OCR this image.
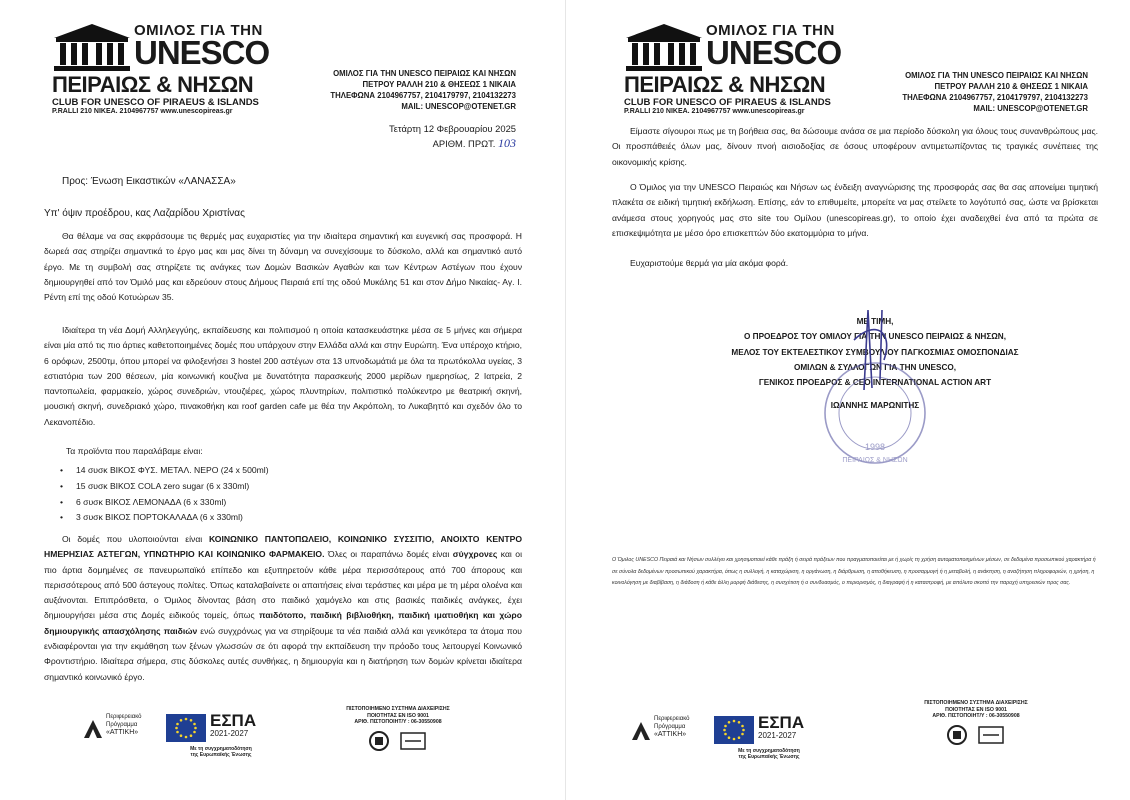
ΟΜΙΛΟΣ ΓΙΑ ΤΗΝ
UNESCO
ΠΕΙΡΑΙΩΣ & ΝΗΣΩΝ
CLUB FOR UNESCO OF PIRAEUS & ISLANDS
P.RALLI 210 NIKEA. 2104967757 www.unescopireas.gr
ΟΜΙΛΟΣ ΓΙΑ ΤΗΝ UNESCO ΠΕΙΡΑΙΩΣ ΚΑΙ ΝΗΣΩΝ
ΠΕΤΡΟΥ ΡΑΛΛΗ 210 & ΘΗΣΕΩΣ 1 ΝΙΚΑΙΑ
ΤΗΛΕΦΩΝΑ 2104967757, 2104179797, 2104132273
MAIL: UNESCOP@OTENET.GR
Τετάρτη 12 Φεβρουαρίου 2025
ΑΡΙΘΜ. ΠΡΩΤ. 103
Προς: Ένωση Εικαστικών «ΛΑΝΑΣΣΑ»
Υπ' όψιν προέδρου, κας Λαζαρίδου Χριστίνας

Θα θέλαμε να σας εκφράσουμε τις θερμές μας ευχαριστίες για την ιδιαίτερα σημαντική και ευγενική σας προσφορά. Η δωρεά σας στηρίζει σημαντικά το έργο μας και μας δίνει τη δύναμη να συνεχίσουμε το δύσκολο, αλλά και σημαντικό αυτό έργο. Με τη συμβολή σας στηρίζετε τις ανάγκες των Δομών Βασικών Αγαθών και των Κέντρων Αστέγων που έχουν δημιουργηθεί από τον Όμιλό μας και εδρεύουν στους Δήμους Πειραιά επί της οδού Μυκάλης 51 και στον Δήμο Νικαίας- Αγ. Ι. Ρέντη επί της οδού Κοτυώρων 35.

Ιδιαίτερα τη νέα Δομή Αλληλεγγύης, εκπαίδευσης και πολιτισμού η οποία κατασκευάστηκε μέσα σε 5 μήνες και σήμερα είναι μία από τις πιο άρτιες καθετοποιημένες δομές που υπάρχουν στην Ελλάδα αλλά και στην Ευρώπη. Ένα υπέροχο κτήριο, 6 ορόφων, 2500τμ, όπου μπορεί να φιλοξενήσει 3 hostel 200 αστέγων στα 13 υπνοδωμάτιά με όλα τα πρωτόκολλα υγείας, 3 εστιατόρια των 200 θέσεων, μία κοινωνική κουζίνα με δυνατότητα παρασκευής 2000 μερίδων ημερησίως, 2 Ιατρεία, 2 παντοπωλεία, φαρμακείο, χώρος συνεδριών, ντουζιέρες, χώρος πλυντηρίων, πολιτιστικό πολύκεντρο με θεατρική σκηνή, μουσική σκηνή, συνεδριακό χώρο, πινακοθήκη και roof garden cafe με θέα την Ακρόπολη, το Λυκαβηττό και σχεδόν όλο το Λεκανοπέδιο.

Τα προϊόντα που παραλάβαμε είναι:
• 14 συσκ ΒΙΚΟΣ ΦΥΣ. ΜΕΤΑΛ. ΝΕΡΟ (24 x 500ml)
• 15 συσκ ΒΙΚΟΣ COLA zero sugar (6 x 330ml)
• 6 συσκ ΒΙΚΟΣ ΛΕΜΟΝΑΔΑ (6 x 330ml)
• 3 συσκ ΒΙΚΟΣ ΠΟΡΤΟΚΑΛΑΔΑ (6 x 330ml)

Οι δομές που υλοποιούνται είναι ΚΟΙΝΩΝΙΚΟ ΠΑΝΤΟΠΩΛΕΙΟ, ΚΟΙΝΩΝΙΚΟ ΣΥΣΣΙΤΙΟ, ΑΝΟΙΧΤΟ ΚΕΝΤΡΟ ΗΜΕΡΗΣΙΑΣ ΑΣΤΕΓΩΝ, ΥΠΝΩΤΗΡΙΟ ΚΑΙ ΚΟΙΝΩΝΙΚΟ ΦΑΡΜΑΚΕΙΟ. Όλες οι παραπάνω δομές είναι σύγχρονες και οι πιο άρτια δομημένες σε πανευρωπαϊκό επίπεδο και εξυπηρετούν κάθε μέρα περισσότερους από 700 άπορους και περισσότερους από 500 άστεγους πολίτες. Όπως καταλαβαίνετε οι απαιτήσεις είναι τεράστιες και μέρα με τη μέρα ολοένα και αυξάνονται. Επιπρόσθετα, ο Όμιλος δίνοντας βάση στο παιδικό χαμόγελο και στις βασικές παιδικές ανάγκες, έχει δημιουργήσει μέσα στις Δομές ειδικούς τομείς, όπως παιδότοπο, παιδική βιβλιοθήκη, παιδική ιματιοθήκη και χώρο δημιουργικής απασχόλησης παιδιών ενώ συγχρόνως για να στηρίξουμε τα νέα παιδιά αλλά και γενικότερα τα άτομα που ενδιαφέρονται για την εκμάθηση των ξένων γλωσσών σε ότι αφορά την εκπαίδευση την πρόοδο τους λειτουργεί Κοινωνικό Φροντιστήριο. Ιδιαίτερα σήμερα, στις δύσκολες αυτές συνθήκες, η δημιουργία και η διατήρηση των δομών κρίνεται ιδιαίτερα σημαντικό κοινωνικό έργο.

Περιφερειακό
Πρόγραμμα
«ΑΤΤΙΚΗ»
ΕΣΠΑ
2021-2027
Με τη συγχρηματοδότηση
της Ευρωπαϊκής Ένωσης
ΠΙΣΤΟΠΟΙΗΜΕΝΟ ΣΥΣΤΗΜΑ ΔΙΑΧΕΙΡΙΣΗΣ
ΠΟΙΟΤΗΤΑΣ ΕΝ ISO 9001
ΑΡΙΘ. ΠΙΣΤΟΠΟΙΗΤ/Υ : 06-30550908
ΟΜΙΛΟΣ ΓΙΑ ΤΗΝ
UNESCO
ΠΕΙΡΑΙΩΣ & ΝΗΣΩΝ
CLUB FOR UNESCO OF PIRAEUS & ISLANDS
P.RALLI 210 NIKEA. 2104967757 www.unescopireas.gr
ΟΜΙΛΟΣ ΓΙΑ ΤΗΝ UNESCO ΠΕΙΡΑΙΩΣ ΚΑΙ ΝΗΣΩΝ
ΠΕΤΡΟΥ ΡΑΛΛΗ 210 & ΘΗΣΕΩΣ 1 ΝΙΚΑΙΑ
ΤΗΛΕΦΩΝΑ 2104967757, 2104179797, 2104132273
MAIL: UNESCOP@OTENET.GR

Είμαστε σίγουροι πως με τη βοήθεια σας, θα δώσουμε ανάσα σε μια περίοδο δύσκολη για όλους τους συνανθρώπους μας. Οι προσπάθειές όλων μας, δίνουν πνοή αισιοδοξίας σε όσους υποφέρουν αντιμετωπίζοντας τις τραγικές συνέπειες της οικονομικής κρίσης.

Ο Όμιλος για την UNESCO Πειραιώς και Νήσων ως ένδειξη αναγνώρισης της προσφοράς σας θα σας απονείμει τιμητική πλακέτα σε ειδική τιμητική εκδήλωση. Επίσης, εάν το επιθυμείτε, μπορείτε να μας στείλετε το λογότυπό σας, ώστε να βρίσκεται ανάμεσα στους χορηγούς μας στο site του Ομίλου (unescopireas.gr), το οποίο έχει αναδειχθεί ένα από τα πρώτα σε επισκεψιμότητα με μέσο όρο επισκεπτών δύο εκατομμύρια το μήνα.

Ευχαριστούμε θερμά για μία ακόμα φορά.

ΜΕ ΤΙΜΗ,
Ο ΠΡΟΕΔΡΟΣ ΤΟΥ ΟΜΙΛΟΥ ΓΙΑ ΤΗΝ UNESCO ΠΕΙΡΑΙΩΣ & ΝΗΣΩΝ,
ΜΕΛΟΣ ΤΟΥ ΕΚΤΕΛΕΣΤΙΚΟΥ ΣΥΜΒΟΥΛΙΟΥ ΠΑΓΚΟΣΜΙΑΣ ΟΜΟΣΠΟΝΔΙΑΣ
ΟΜΙΛΩΝ & ΣΥΛΛΟΓΩΝ ΓΙΑ ΤΗΝ UNESCO,
ΓΕΝΙΚΟΣ ΠΡΟΕΔΡΟΣ & CEO INTERNATIONAL ACTION ART
ΙΩΑΝΝΗΣ ΜΑΡΩΝΙΤΗΣ
1998
ΠΕΙΡΑΙΩΣ & ΝΗΣΩΝ
Ο Όμιλος UNESCO Πειραιά και Νήσων συλλέγει και χρησιμοποιεί κάθε πράξη ή σειρά πράξεων που πραγματοποιείται με ή χωρίς τη χρήση αυτοματοποιημένων μέσων, σε δεδομένα προσωπικού χαρακτήρα ή σε σύνολα δεδομένων προσωπικού χαρακτήρα, όπως η συλλογή, η καταχώριση, η οργάνωση, η διάρθρωση, η αποθήκευση, η προσαρμογή ή η μεταβολή, η ανάκτηση, η αναζήτηση πληροφοριών, η χρήση, η κοινολόγηση με διαβίβαση, η διάδοση ή κάθε άλλη μορφή διάθεσης, η συσχέτιση ή ο συνδυασμός, ο περιορισμός, η διαγραφή ή η καταστροφή, με απόλυτο σκοπό την παροχή υπηρεσιών προς σας.
Περιφερειακό
Πρόγραμμα
«ΑΤΤΙΚΗ»
ΕΣΠΑ
2021-2027
Με τη συγχρηματοδότηση
της Ευρωπαϊκής Ένωσης
ΠΙΣΤΟΠΟΙΗΜΕΝΟ ΣΥΣΤΗΜΑ ΔΙΑΧΕΙΡΙΣΗΣ
ΠΟΙΟΤΗΤΑΣ ΕΝ ISO 9001
ΑΡΙΘ. ΠΙΣΤΟΠΟΙΗΤ/Υ : 06-30550908
